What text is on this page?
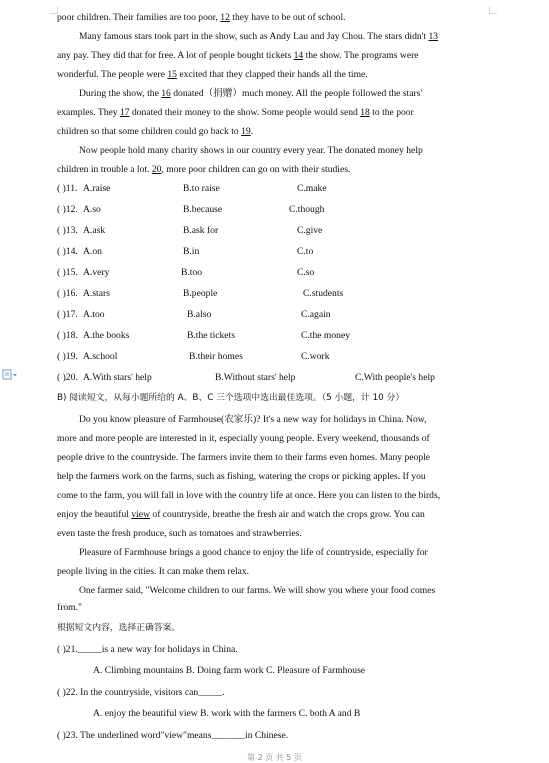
poor children. Their families are too poor, 12 they have to be out of school.
Many famous stars took part in the show, such as Andy Lau and Jay Chou. The stars didn't 13
any pay. They did that for free. A lot of people bought tickets 14 the show. The programs were
wonderful. The people were 15 excited that they clapped their hands all the time.
During the show, the 16 donated（捐赠）much money. All the people followed the stars'
examples. They 17 donated their money to the show. Some people would send 18 to the poor
children so that some children could go back to 19.
Now people hold many charity shows in our country every year. The donated money help
children in trouble a lot. 20, more poor children can go on with their studies.
( )11. A.raise	B.to raise	C.make
( )12. A.so	B.because	C.though
( )13. A.ask	B.ask for	C.give
( )14. A.on	B.in	C.to
( )15. A.very	B.too	C.so
( )16. A.stars	B.people	C.students
( )17. A.too	B.also	C.again
( )18. A.the books	B.the tickets	C.the money
( )19. A.school	B.their homes	C.work
( )20. A.With stars' help	B.Without stars' help	C.With people's help
B) 阅读短文，从每小题所给的 A、B、C 三个选项中选出最佳选项。（5 小题，计 10 分）
Do you know pleasure of Farmhouse(农家乐)? It's a new way for holidays in China. Now,
more and more people are interested in it, especially young people. Every weekend, thousands of
people drive to the countryside. The farmers invite them to their farms even homes. Many people
help the farmers work on the farms, such as fishing, watering the crops or picking apples. If you
come to the farm, you will fall in love with the country life at once. Here you can listen to the birds,
enjoy the beautiful view of countryside, breathe the fresh air and watch the crops grow. You can
even taste the fresh produce, such as tomatoes and strawberries.
Pleasure of Farmhouse brings a good chance to enjoy the life of countryside, especially for
people living in the cities. It can make them relax.
One farmer said, "Welcome children to our farms. We will show you where your food comes
from."
根据短文内容，选择正确答案。
( )21._____is a new way for holidays in China.
A. Climbing mountains B. Doing farm work C. Pleasure of Farmhouse
( )22. In the countryside, visitors can_____.
A. enjoy the beautiful view B. work with the farmers C. both A and B
( )23. The underlined word"view"means_______in Chinese.
第 2 页 共 5 页
